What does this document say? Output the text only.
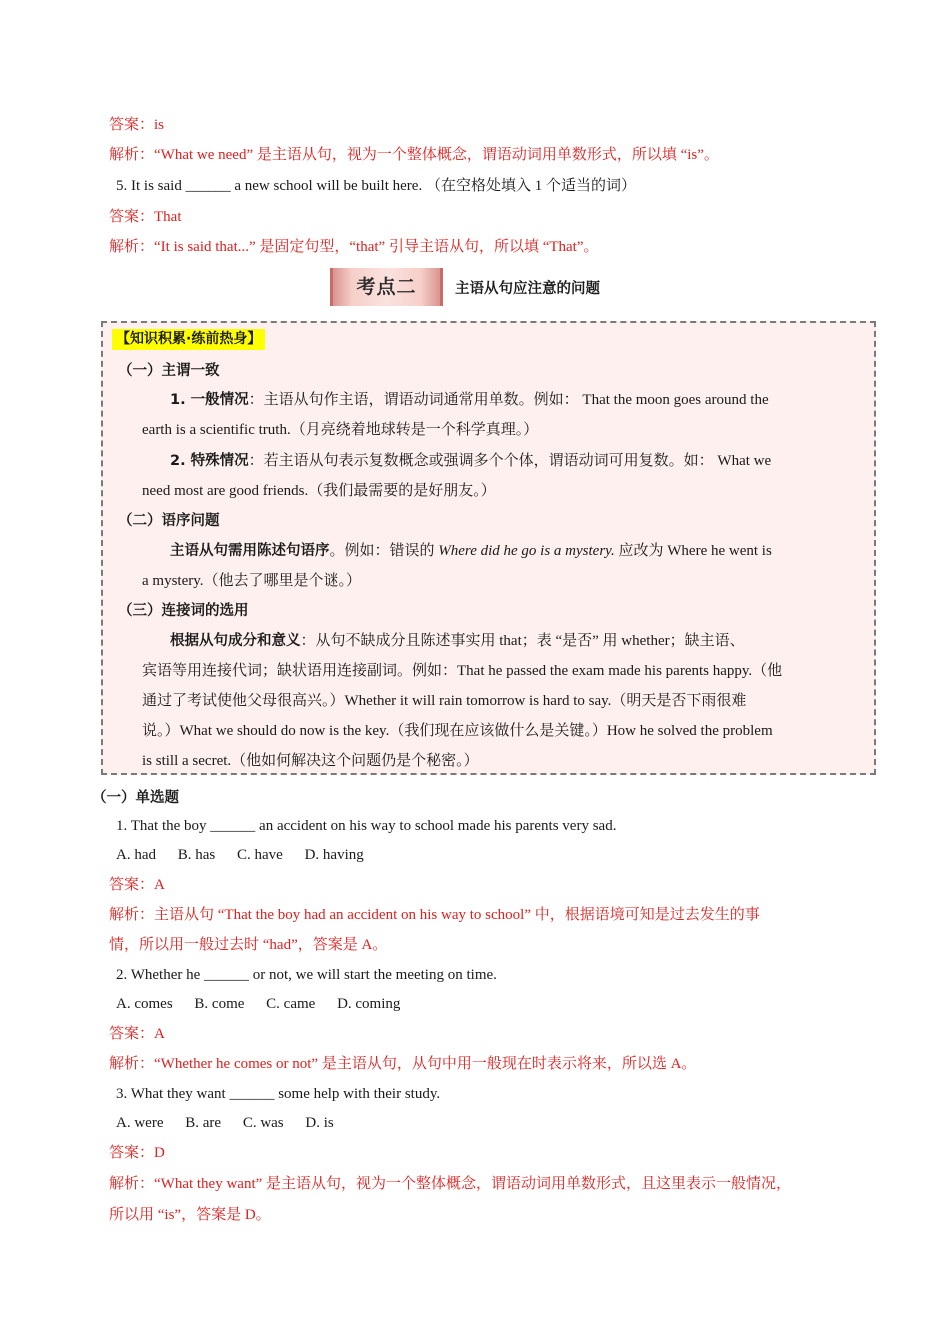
答案：is
解析：“What we need” 是主语从句，视为一个整体概念，谓语动词用单数形式，所以填 “is”。
5. It is said ______ a new school will be built here. （在空格处填入 1 个适当的词）
答案：That
解析：“It is said that...” 是固定句型，“that” 引导主语从句，所以填 “That”。
考点二	主语从句应注意的问题
【知识积累·练前热身】
（一）主谓一致
1. 一般情况：主语从句作主语，谓语动词通常用单数。例如： That the moon goes around the
earth is a scientific truth.（月亮绕着地球转是一个科学真理。）
2. 特殊情况：若主语从句表示复数概念或强调多个个体，谓语动词可用复数。如： What we
need most are good friends.（我们最需要的是好朋友。）
（二）语序问题
主语从句需用陈述句语序。例如：错误的 Where did he go is a mystery. 应改为 Where he went is
a mystery.（他去了哪里是个谜。）
（三）连接词的选用
根据从句成分和意义：从句不缺成分且陈述事实用 that；表 “是否” 用 whether；缺主语、
宾语等用连接代词；缺状语用连接副词。例如：That he passed the exam made his parents happy.（他
通过了考试使他父母很高兴。）Whether it will rain tomorrow is hard to say.（明天是否下雨很难
说。）What we should do now is the key.（我们现在应该做什么是关键。）How he solved the problem
is still a secret.（他如何解决这个问题仍是个秘密。）
（一）单选题
1. That the boy ______ an accident on his way to school made his parents very sad.
A. had B. has C. have D. having
答案：A
解析：主语从句 “That the boy had an accident on his way to school” 中，根据语境可知是过去发生的事
情，所以用一般过去时 “had”，答案是 A。
2. Whether he ______ or not, we will start the meeting on time.
A. comes B. come C. came D. coming
答案：A
解析：“Whether he comes or not” 是主语从句，从句中用一般现在时表示将来，所以选 A。
3. What they want ______ some help with their study.
A. were B. are C. was D. is
答案：D
解析：“What they want” 是主语从句，视为一个整体概念，谓语动词用单数形式，且这里表示一般情况，
所以用 “is”，答案是 D。
